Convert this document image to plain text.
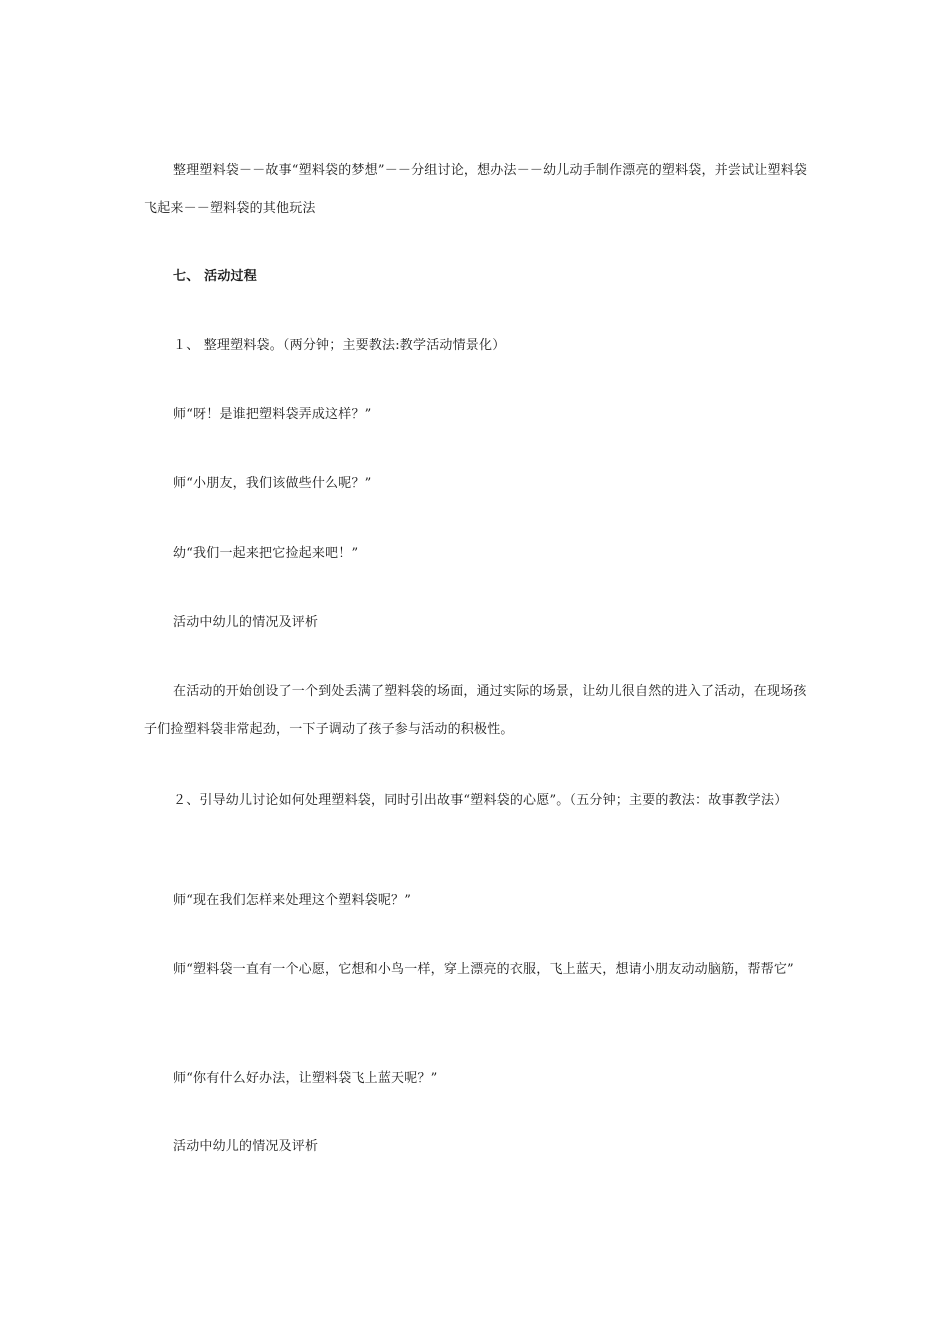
整理塑料袋－－故事“塑料袋的梦想”－－分组讨论，想办法－－幼儿动手制作漂亮的塑料袋，并尝试让塑料袋飞起来－－塑料袋的其他玩法

七、 活动过程

１、 整理塑料袋。（两分钟；主要教法:教学活动情景化）

师“呀！是谁把塑料袋弄成这样？”

师“小朋友，我们该做些什么呢？”

幼“我们一起来把它捡起来吧！”

活动中幼儿的情况及评析

在活动的开始创设了一个到处丢满了塑料袋的场面，通过实际的场景，让幼儿很自然的进入了活动，在现场孩子们捡塑料袋非常起劲，一下子调动了孩子参与活动的积极性。

２、引导幼儿讨论如何处理塑料袋，同时引出故事“塑料袋的心愿”。（五分钟；主要的教法：故事教学法）

师“现在我们怎样来处理这个塑料袋呢？”

师“塑料袋一直有一个心愿，它想和小鸟一样，穿上漂亮的衣服，飞上蓝天，想请小朋友动动脑筋，帮帮它”

师“你有什么好办法，让塑料袋飞上蓝天呢？”

活动中幼儿的情况及评析
